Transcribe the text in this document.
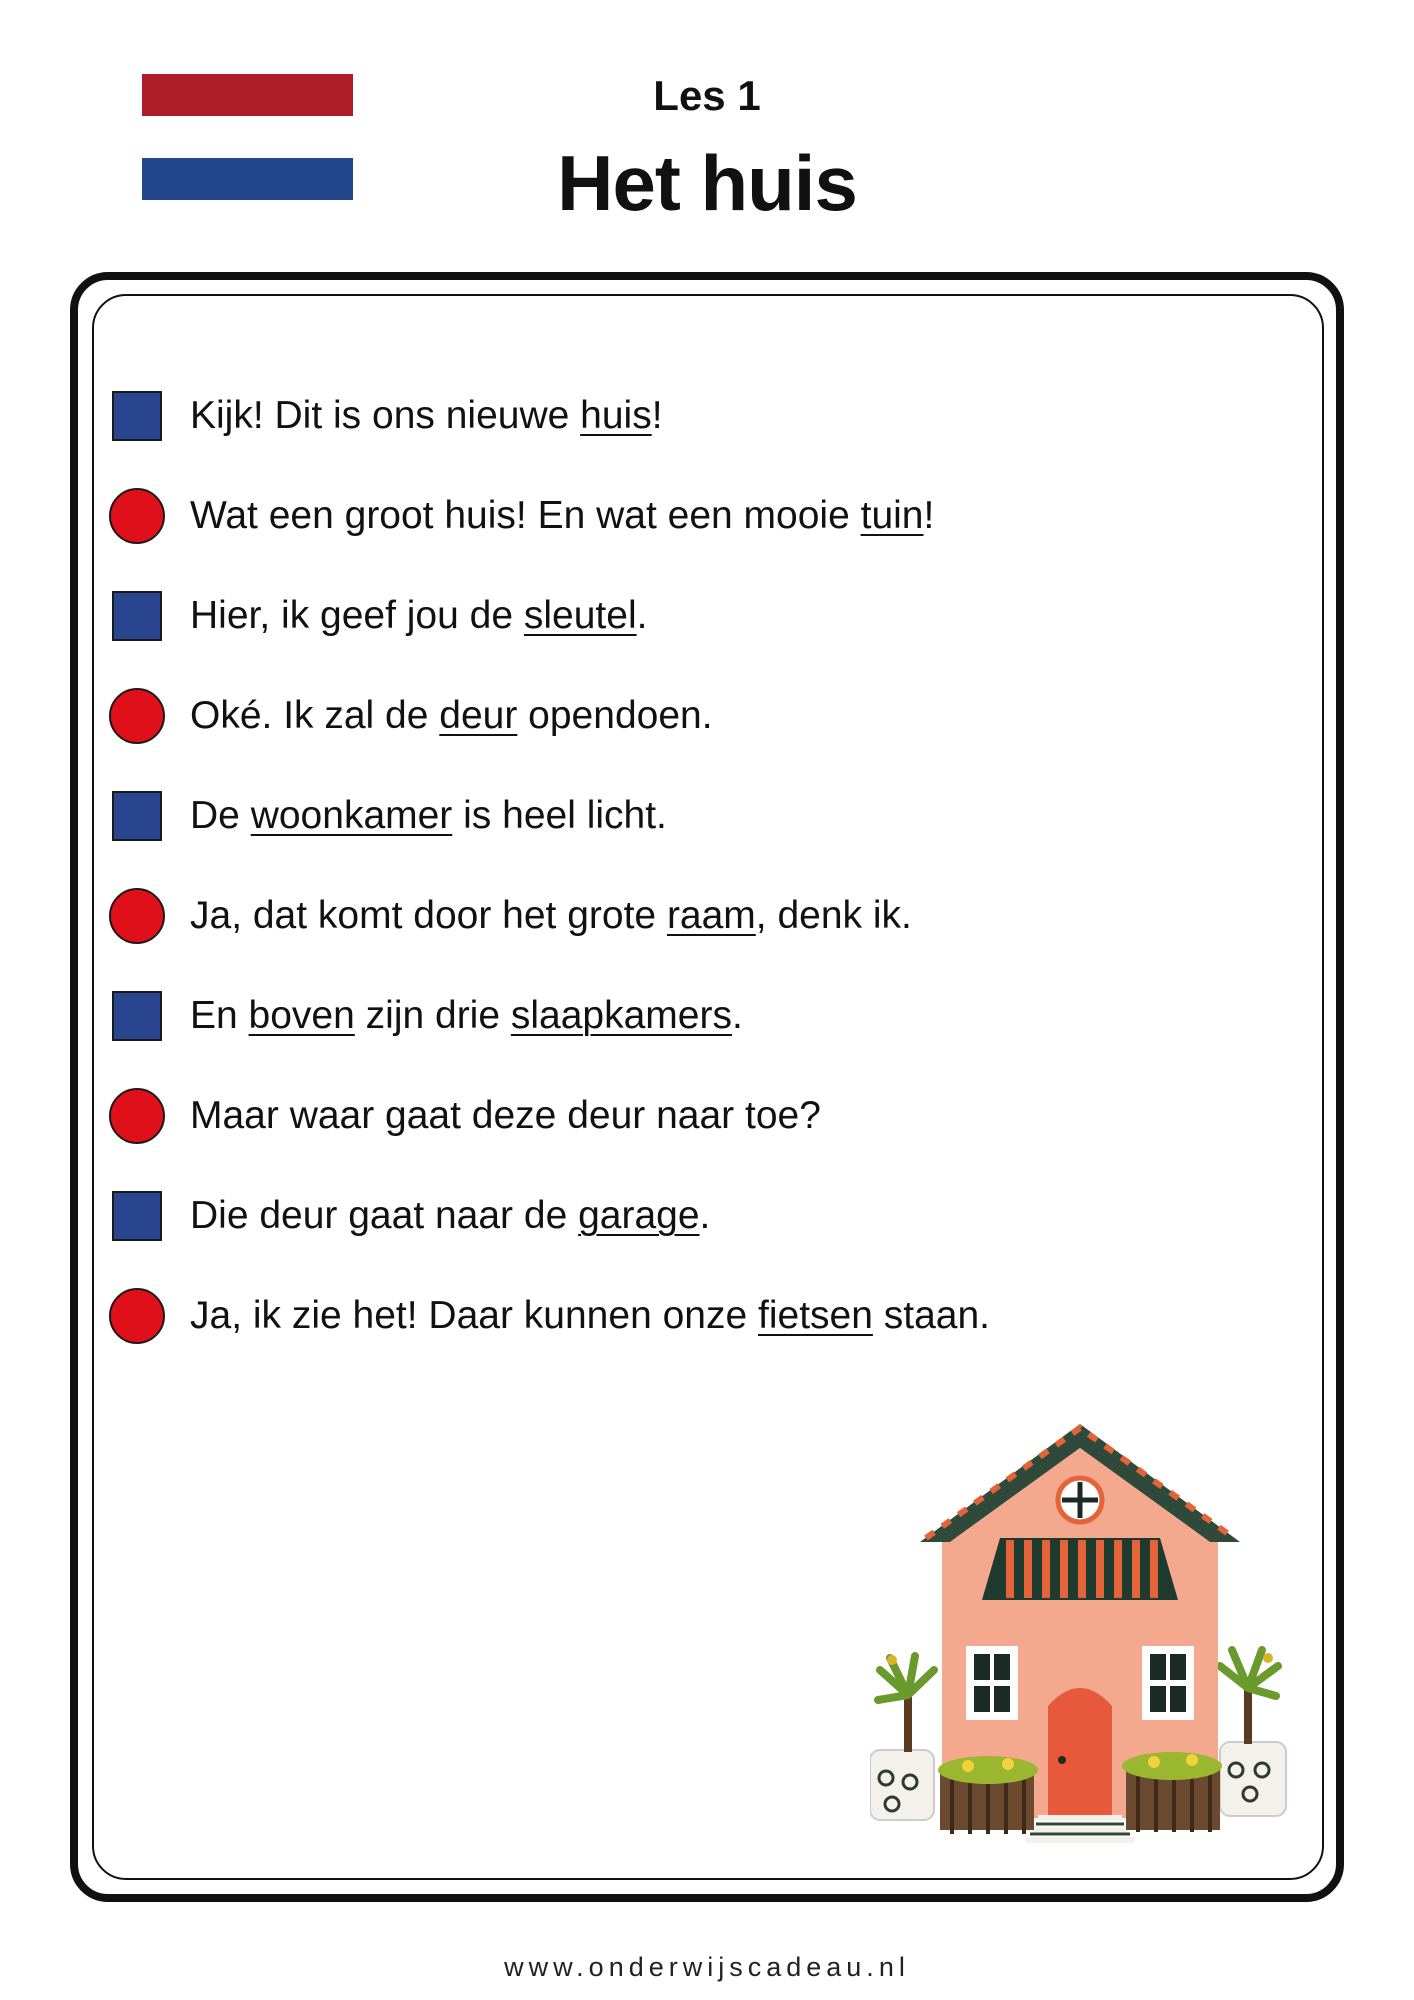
Les 1
Het huis
Kijk! Dit is ons nieuwe huis!
Wat een groot huis! En wat een mooie tuin!
Hier, ik geef jou de sleutel.
Oké. Ik zal de deur opendoen.
De woonkamer is heel licht.
Ja, dat komt door het grote raam, denk ik.
En boven zijn drie slaapkamers.
Maar waar gaat deze deur naar toe?
Die deur gaat naar de garage.
Ja, ik zie het! Daar kunnen onze fietsen staan.
www.onderwijscadeau.nl
